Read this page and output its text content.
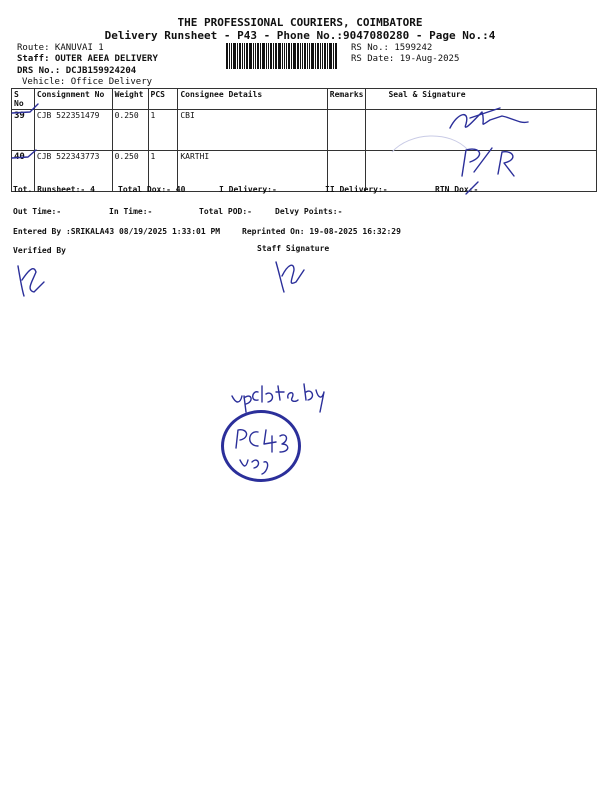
THE PROFESSIONAL COURIERS, COIMBATORE
Delivery Runsheet - P43 - Phone No.:9047080280 - Page No.:4
Route: KANUVAI 1
Staff: OUTER AEEA DELIVERY
DRS No.: DCJB159924204
Vehicle: Office Delivery
RS No.: 1599242
RS Date: 19-Aug-2025
S No	Consignment No	Weight	PCS	Consignee Details	Remarks	Seal & Signature
39	CJB 522351479	0.250	1	CBI		
40	CJB 522343773	0.250	1	KARTHI		
Tot. Runsheet:- 4	Total Dox:- 40	I Delivery:-	II Delivery:-	RTN Dox:-
Out Time:-	In Time:-	Total POD:-	Delvy Points:-
Entered By :SRIKALA43 08/19/2025 1:33:01 PM	Reprinted On: 19-08-2025 16:32:29
Verified By	Staff Signature
